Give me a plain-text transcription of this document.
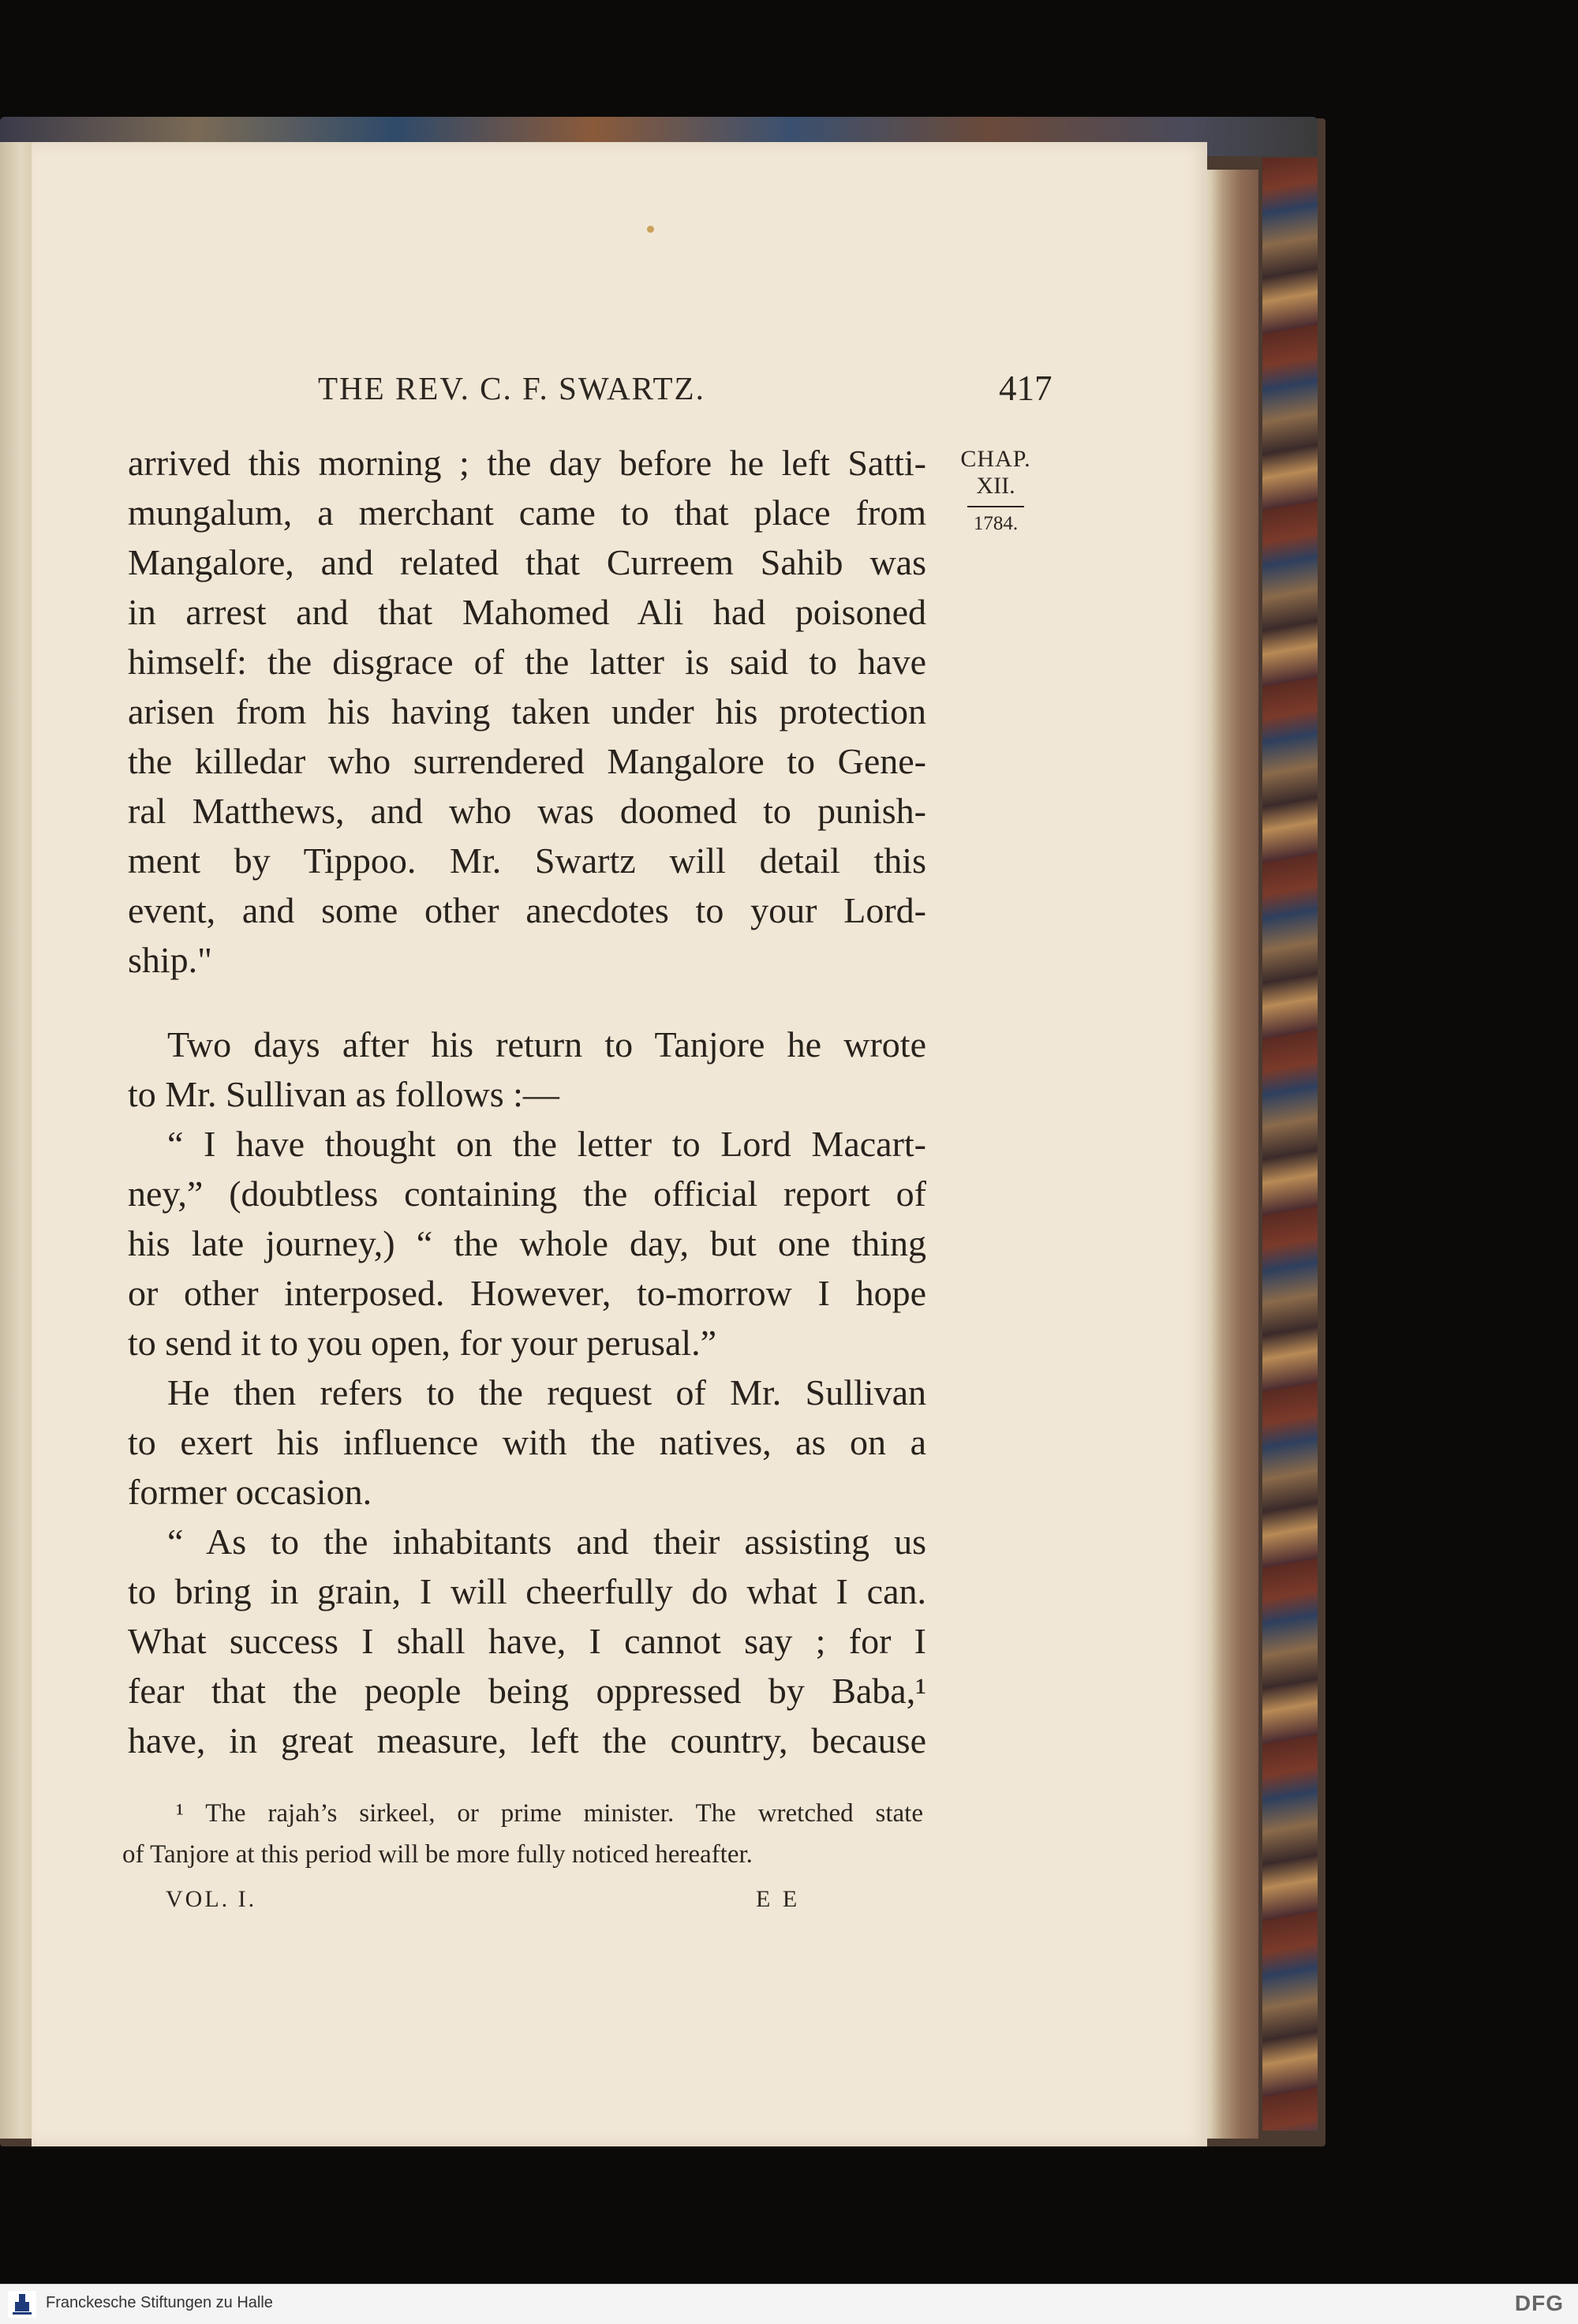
THE REV. C. F. SWARTZ.	417
CHAP.
XII.
1784.
arrived this morning ; the day before he left Satti-
mungalum, a merchant came to that place from
Mangalore, and related that Curreem Sahib was
in arrest and that Mahomed Ali had poisoned
himself: the disgrace of the latter is said to have
arisen from his having taken under his protection
the killedar who surrendered Mangalore to Gene-
ral Matthews, and who was doomed to punish-
ment by Tippoo. Mr. Swartz will detail this
event, and some other anecdotes to your Lord-
ship."
Two days after his return to Tanjore he wrote
to Mr. Sullivan as follows :—
“ I have thought on the letter to Lord Macart-
ney,” (doubtless containing the official report of
his late journey,) “ the whole day, but one thing
or other interposed. However, to-morrow I hope
to send it to you open, for your perusal.”
He then refers to the request of Mr. Sullivan
to exert his influence with the natives, as on a
former occasion.
“ As to the inhabitants and their assisting us
to bring in grain, I will cheerfully do what I can.
What success I shall have, I cannot say ; for I
fear that the people being oppressed by Baba,¹
have, in great measure, left the country, because
¹ The rajah’s sirkeel, or prime minister. The wretched state
of Tanjore at this period will be more fully noticed hereafter.
VOL. I.	E E
Franckesche Stiftungen zu Halle	DFG
